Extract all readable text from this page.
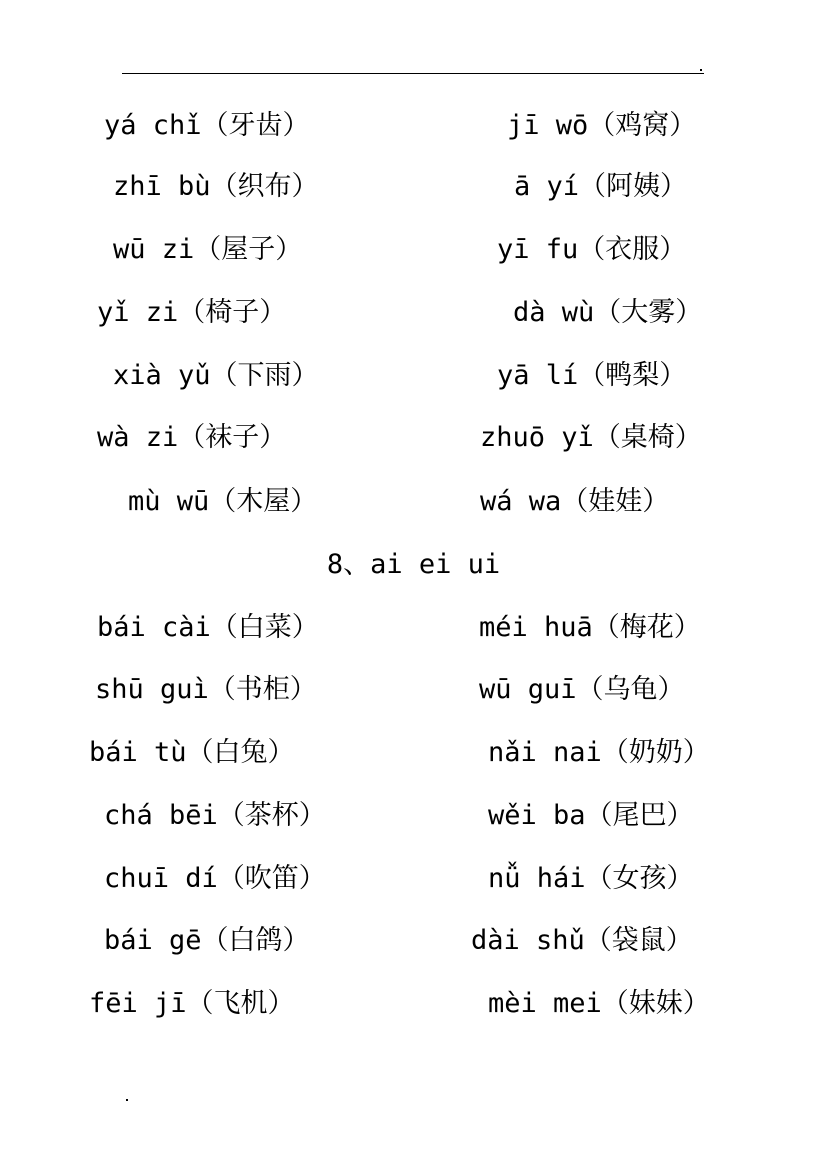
yá chǐ（牙齿）	jī wō（鸡窝）
zhī bù（织布）	ā yí（阿姨）
wū zi（屋子）	yī fu（衣服）
yǐ zi（椅子）	dà wù（大雾）
xià yǔ（下雨）	yā lí（鸭梨）
wà zi（袜子）	zhuō yǐ（桌椅）
mù wū（木屋）	wá wa（娃娃）
8、ai ei ui
bái cài（白菜）	méi huā（梅花）
shū guì（书柜）	wū guī（乌龟）
bái tù（白兔）	nǎi nai（奶奶）
chá bēi（茶杯）	wěi ba（尾巴）
chuī dí（吹笛）	nǚ hái（女孩）
bái gē（白鸽）	dài shǔ（袋鼠）
fēi jī（飞机）	mèi mei（妹妹）
